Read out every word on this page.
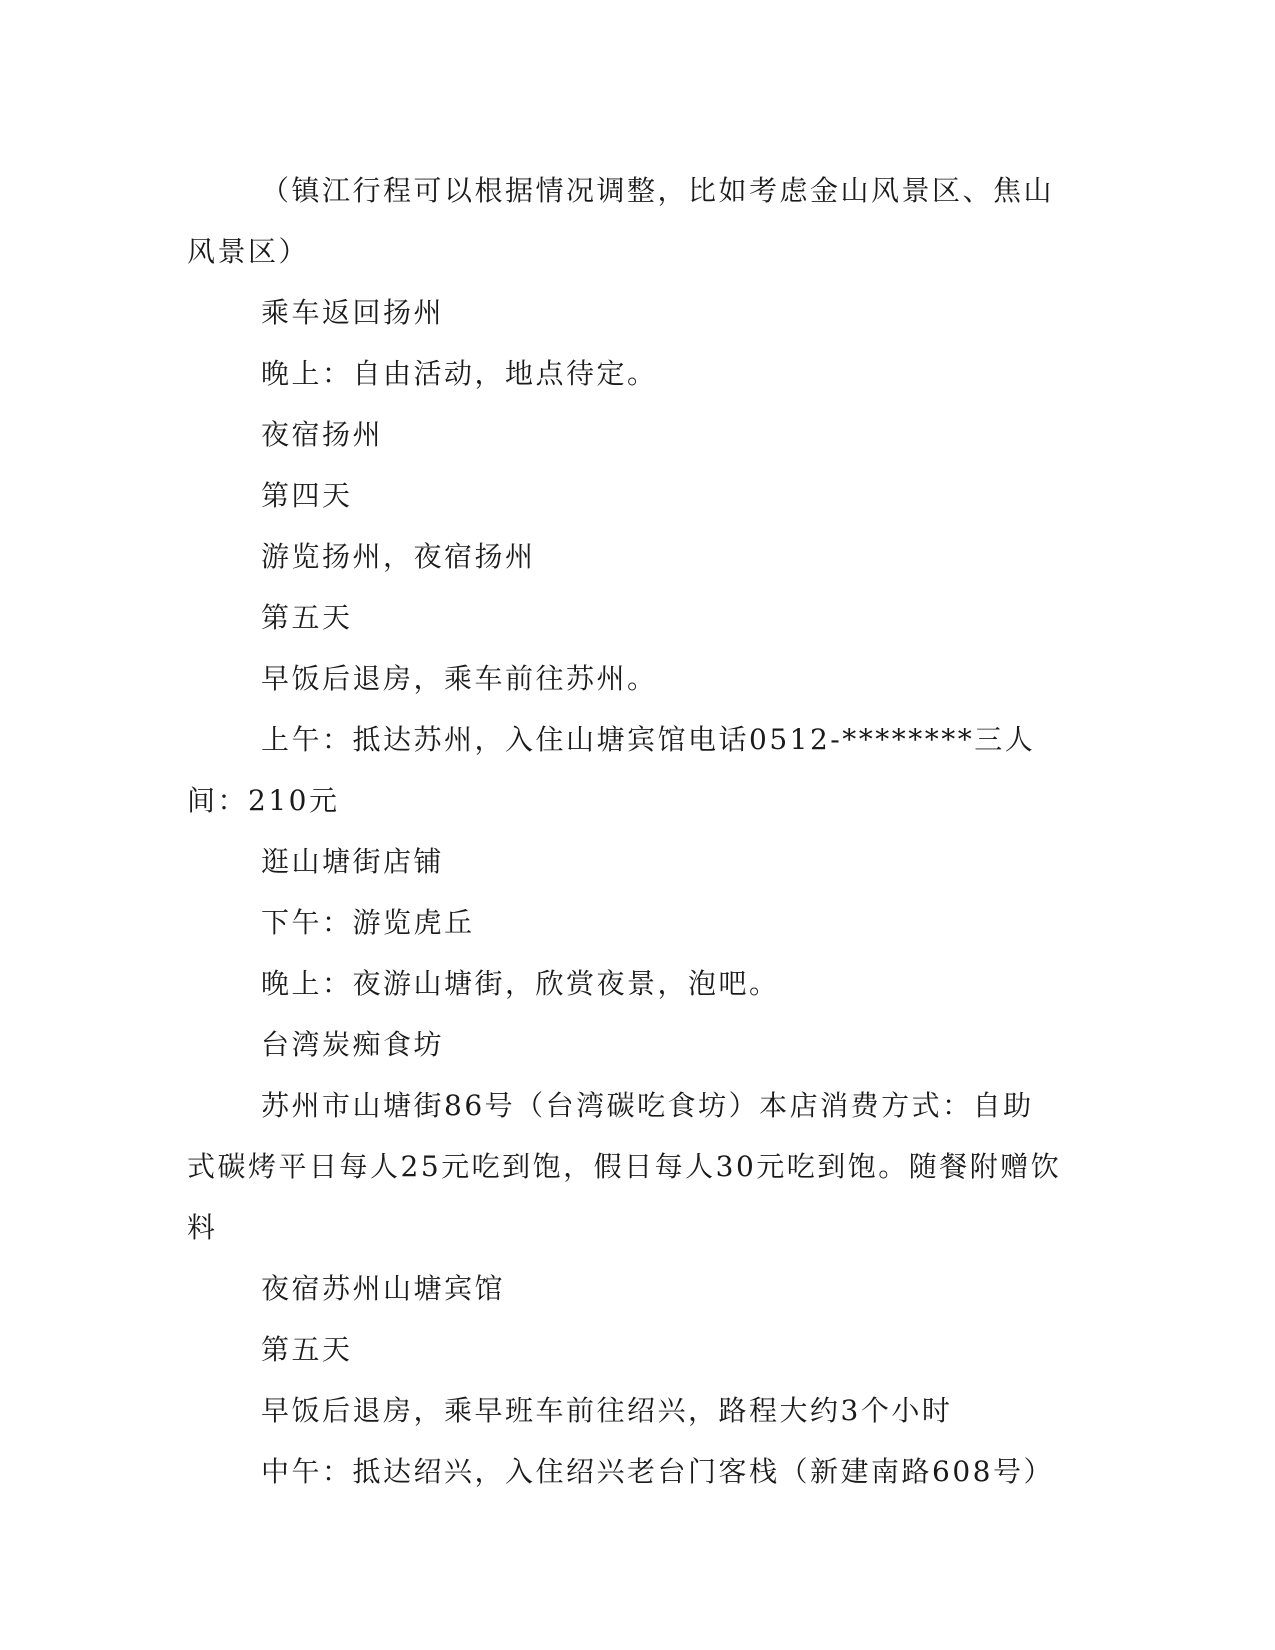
（镇江行程可以根据情况调整，比如考虑金山风景区、焦山风景区）

乘车返回扬州

晚上：自由活动，地点待定。

夜宿扬州

第四天

游览扬州，夜宿扬州

第五天

早饭后退房，乘车前往苏州。

上午：抵达苏州，入住山塘宾馆电话0512-********三人间：210元

逛山塘街店铺

下午：游览虎丘

晚上：夜游山塘街，欣赏夜景，泡吧。

台湾炭痴食坊

苏州市山塘街86号（台湾碳吃食坊）本店消费方式：自助式碳烤平日每人25元吃到饱，假日每人30元吃到饱。随餐附赠饮料

夜宿苏州山塘宾馆

第五天

早饭后退房，乘早班车前往绍兴，路程大约3个小时

中午：抵达绍兴，入住绍兴老台门客栈（新建南路608号）
